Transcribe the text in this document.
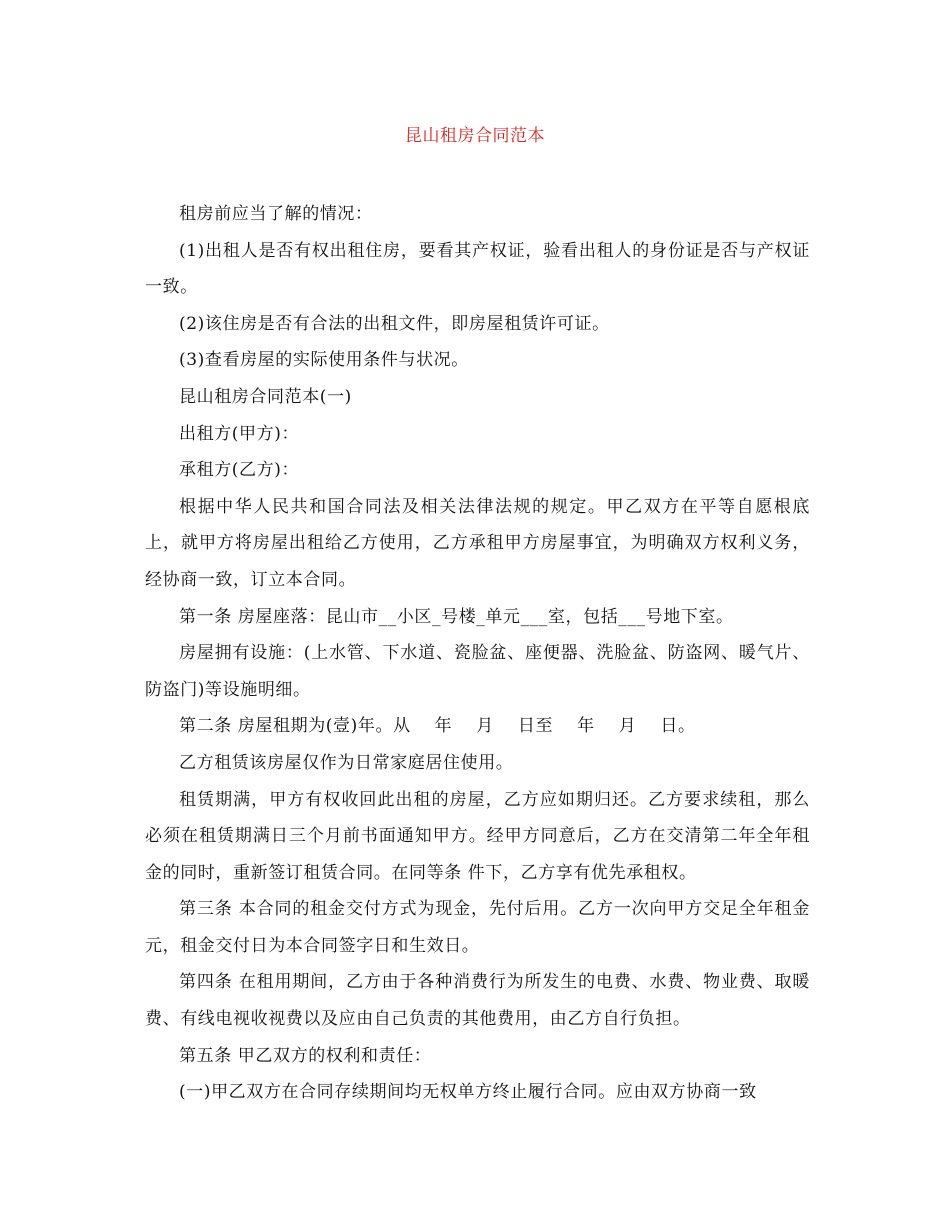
昆山租房合同范本

租房前应当了解的情况：

(1)出租人是否有权出租住房，要看其产权证，验看出租人的身份证是否与产权证一致。

(2)该住房是否有合法的出租文件，即房屋租赁许可证。

(3)查看房屋的实际使用条件与状况。

昆山租房合同范本(一)

出租方(甲方)：

承租方(乙方)：

根据中华人民共和国合同法及相关法律法规的规定。甲乙双方在平等自愿根底上，就甲方将房屋出租给乙方使用，乙方承租甲方房屋事宜，为明确双方权利义务，经协商一致，订立本合同。

第一条 房屋座落：昆山市__小区_号楼_单元___室，包括___号地下室。

房屋拥有设施：(上水管、下水道、瓷脸盆、座便器、洗脸盆、防盗网、暖气片、防盗门)等设施明细。

第二条 房屋租期为(壹)年。从    年    月    日至    年    月    日。

乙方租赁该房屋仅作为日常家庭居住使用。

租赁期满，甲方有权收回此出租的房屋，乙方应如期归还。乙方要求续租，那么必须在租赁期满日三个月前书面通知甲方。经甲方同意后，乙方在交清第二年全年租金的同时，重新签订租赁合同。在同等条 件下，乙方享有优先承租权。

第三条 本合同的租金交付方式为现金，先付后用。乙方一次向甲方交足全年租金元，租金交付日为本合同签字日和生效日。

第四条 在租用期间，乙方由于各种消费行为所发生的电费、水费、物业费、取暖费、有线电视收视费以及应由自己负责的其他费用，由乙方自行负担。

第五条 甲乙双方的权利和责任：

(一)甲乙双方在合同存续期间均无权单方终止履行合同。应由双方协商一致
